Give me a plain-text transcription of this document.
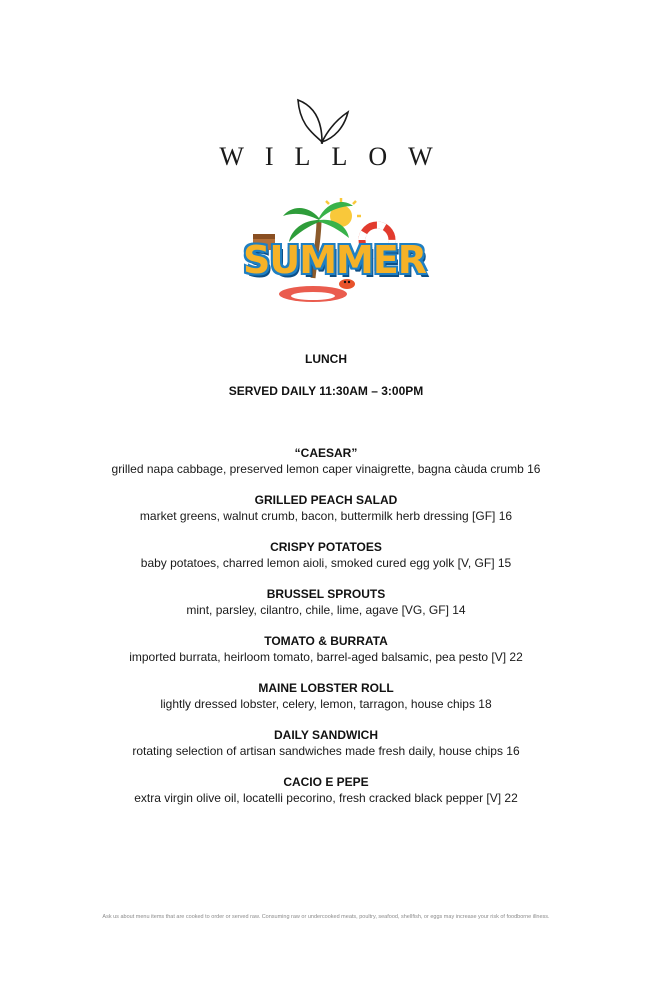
WILLOW
SUMMER
LUNCH
SERVED DAILY 11:30AM – 3:00PM
“CAESAR”
grilled napa cabbage, preserved lemon caper vinaigrette, bagna càuda crumb 16
GRILLED PEACH SALAD
market greens, walnut crumb, bacon, buttermilk herb dressing [GF] 16
CRISPY POTATOES
baby potatoes, charred lemon aioli, smoked cured egg yolk [V, GF] 15
BRUSSEL SPROUTS
mint, parsley, cilantro, chile, lime, agave [VG, GF] 14
TOMATO & BURRATA
imported burrata, heirloom tomato, barrel-aged balsamic, pea pesto [V] 22
MAINE LOBSTER ROLL
lightly dressed lobster, celery, lemon, tarragon, house chips 18
DAILY SANDWICH
rotating selection of artisan sandwiches made fresh daily, house chips 16
CACIO E PEPE
extra virgin olive oil, locatelli pecorino, fresh cracked black pepper [V] 22
Ask us about menu items that are cooked to order or served raw. Consuming raw or undercooked meats, poultry, seafood, shellfish, or eggs may increase your risk of foodborne illness.
